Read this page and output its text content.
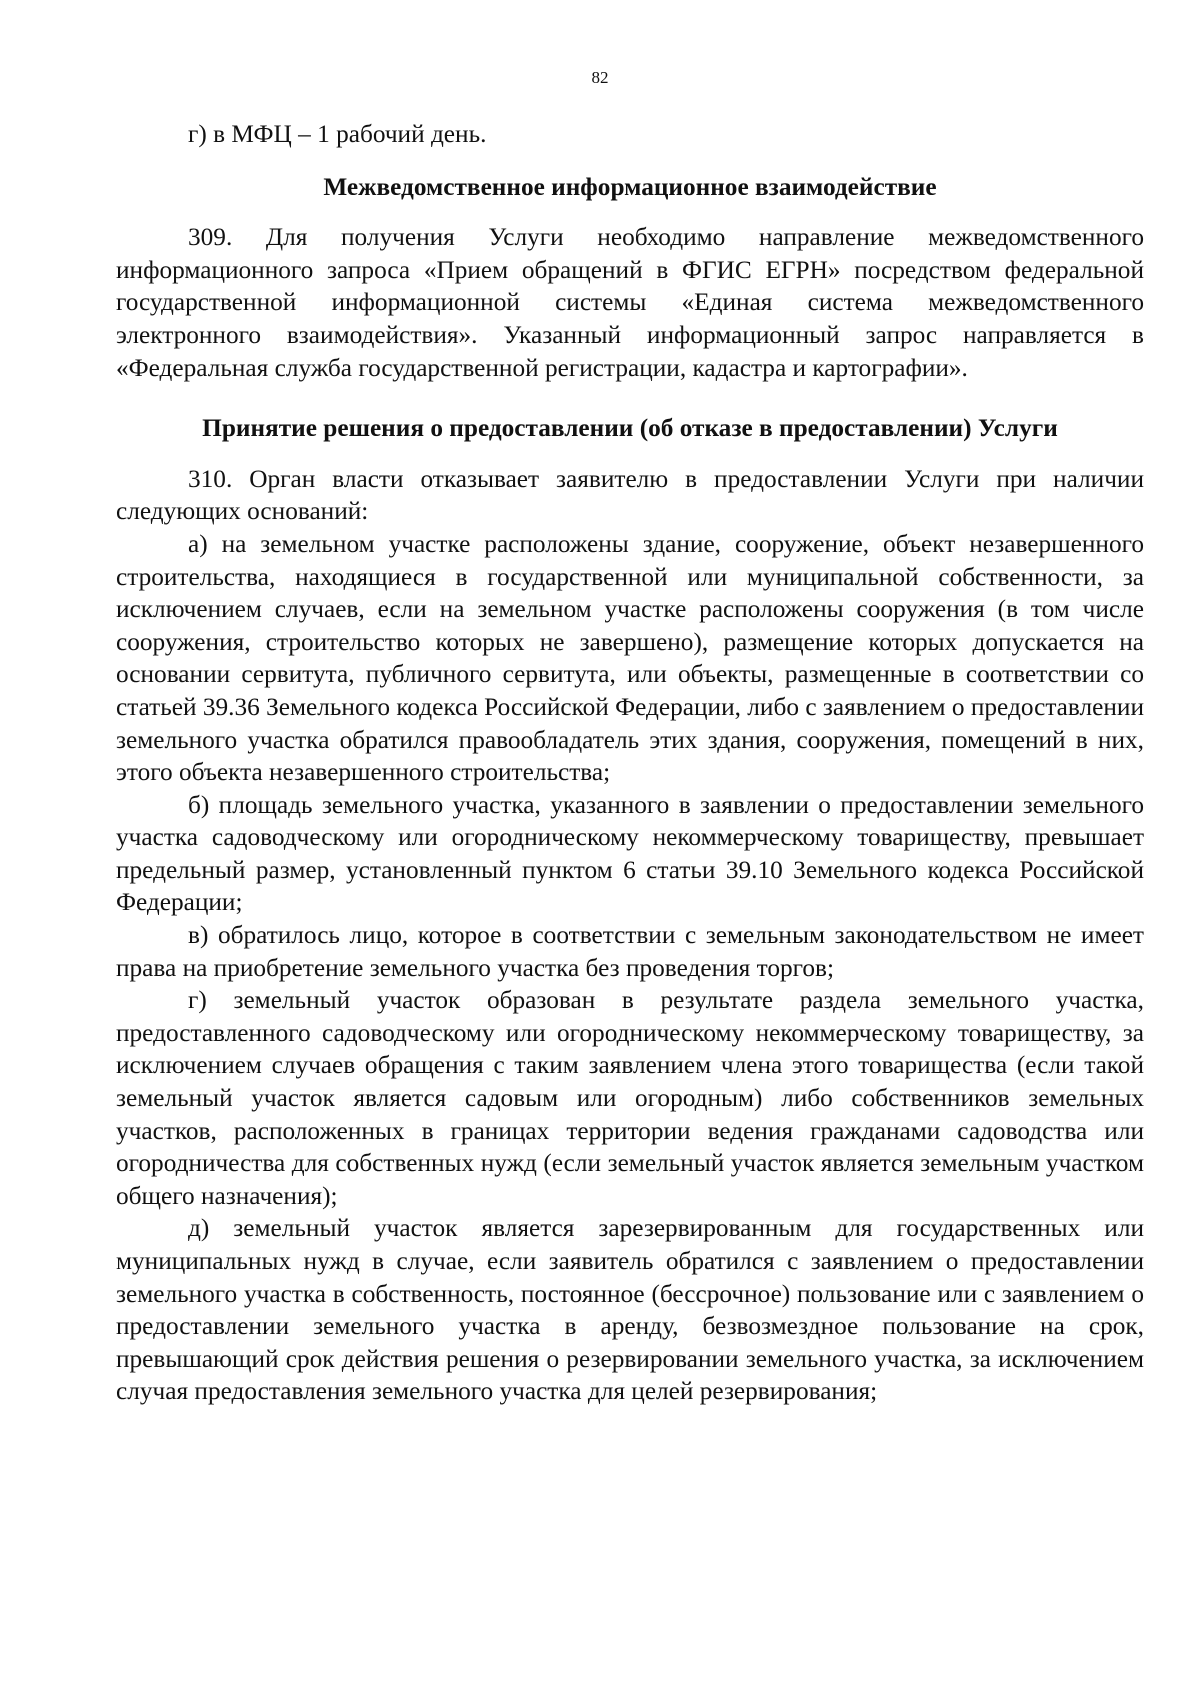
82

г) в МФЦ – 1 рабочий день.

Межведомственное информационное взаимодействие

309. Для получения Услуги необходимо направление межведомственного информационного запроса «Прием обращений в ФГИС ЕГРН» посредством федеральной государственной информационной системы «Единая система межведомственного электронного взаимодействия». Указанный информационный запрос направляется в «Федеральная служба государственной регистрации, кадастра и картографии».

Принятие решения о предоставлении (об отказе в предоставлении) Услуги

310. Орган власти отказывает заявителю в предоставлении Услуги при наличии следующих оснований:

а) на земельном участке расположены здание, сооружение, объект незавершенного строительства, находящиеся в государственной или муниципальной собственности, за исключением случаев, если на земельном участке расположены сооружения (в том числе сооружения, строительство которых не завершено), размещение которых допускается на основании сервитута, публичного сервитута, или объекты, размещенные в соответствии со статьей 39.36 Земельного кодекса Российской Федерации, либо с заявлением о предоставлении земельного участка обратился правообладатель этих здания, сооружения, помещений в них, этого объекта незавершенного строительства;

б) площадь земельного участка, указанного в заявлении о предоставлении земельного участка садоводческому или огородническому некоммерческому товариществу, превышает предельный размер, установленный пунктом 6 статьи 39.10 Земельного кодекса Российской Федерации;

в) обратилось лицо, которое в соответствии с земельным законодательством не имеет права на приобретение земельного участка без проведения торгов;

г) земельный участок образован в результате раздела земельного участка, предоставленного садоводческому или огородническому некоммерческому товариществу, за исключением случаев обращения с таким заявлением члена этого товарищества (если такой земельный участок является садовым или огородным) либо собственников земельных участков, расположенных в границах территории ведения гражданами садоводства или огородничества для собственных нужд (если земельный участок является земельным участком общего назначения);

д) земельный участок является зарезервированным для государственных или муниципальных нужд в случае, если заявитель обратился с заявлением о предоставлении земельного участка в собственность, постоянное (бессрочное) пользование или с заявлением о предоставлении земельного участка в аренду, безвозмездное пользование на срок, превышающий срок действия решения о резервировании земельного участка, за исключением случая предоставления земельного участка для целей резервирования;
